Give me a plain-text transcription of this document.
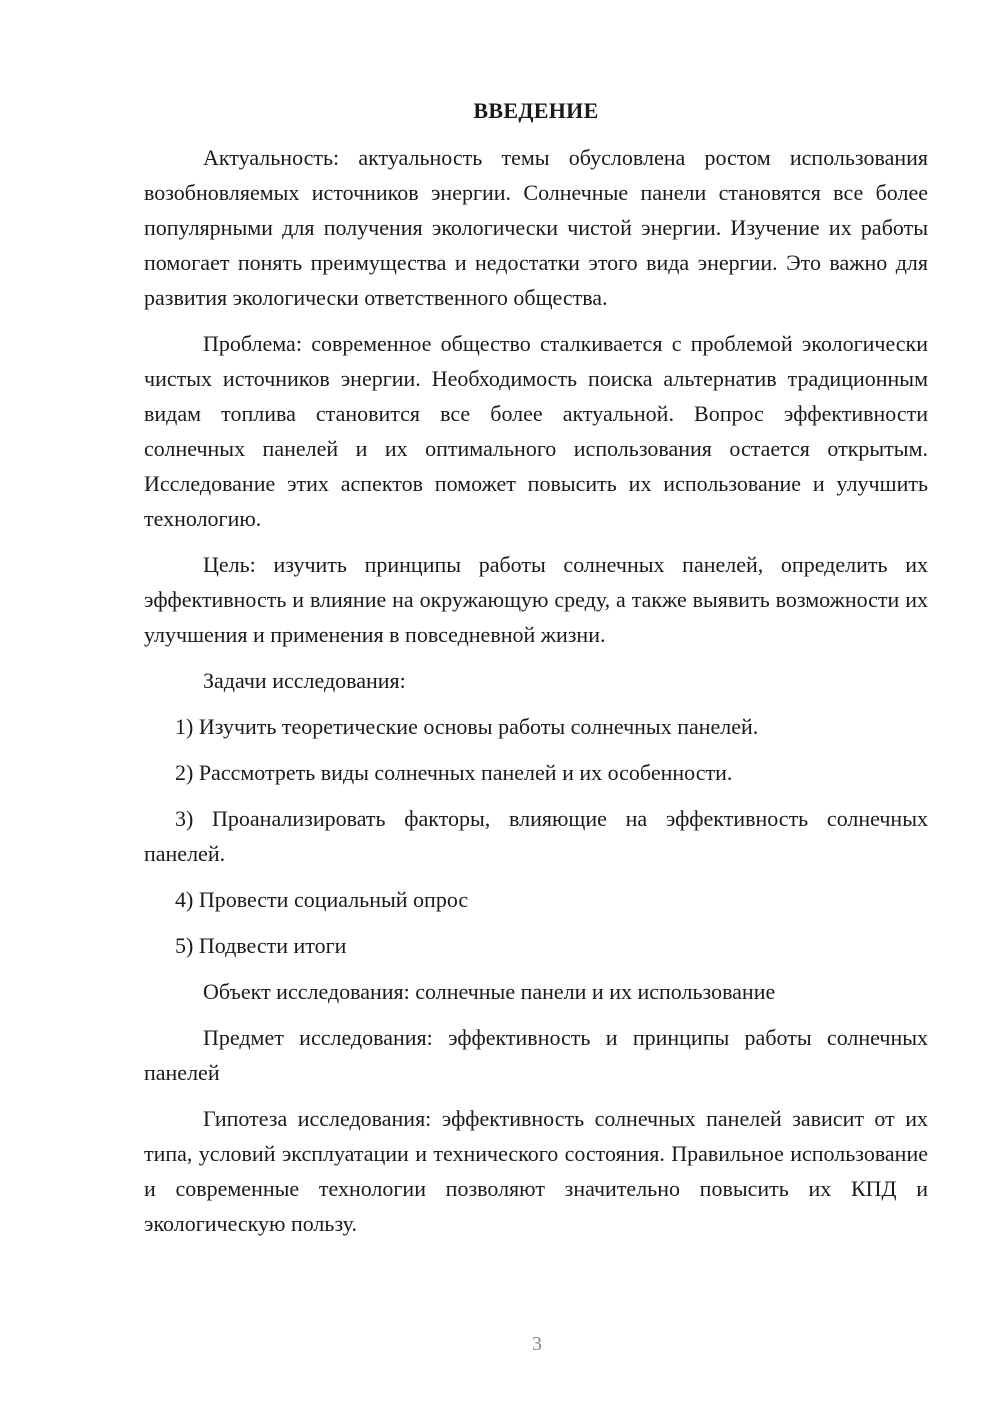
ВВЕДЕНИЕ

Актуальность: актуальность темы обусловлена ростом использования возобновляемых источников энергии. Солнечные панели становятся все более популярными для получения экологически чистой энергии. Изучение их работы помогает понять преимущества и недостатки этого вида энергии. Это важно для развития экологически ответственного общества.

Проблема: современное общество сталкивается с проблемой экологически чистых источников энергии. Необходимость поиска альтернатив традиционным видам топлива становится все более актуальной. Вопрос эффективности солнечных панелей и их оптимального использования остается открытым. Исследование этих аспектов поможет повысить их использование и улучшить технологию.

Цель: изучить принципы работы солнечных панелей, определить их эффективность и влияние на окружающую среду, а также выявить возможности их улучшения и применения в повседневной жизни.

Задачи исследования:

1) Изучить теоретические основы работы солнечных панелей.

2) Рассмотреть виды солнечных панелей и их особенности.

3) Проанализировать факторы, влияющие на эффективность солнечных панелей.

4) Провести социальный опрос

5) Подвести итоги

Объект исследования: солнечные панели и их использование

Предмет исследования: эффективность и принципы работы солнечных панелей

Гипотеза исследования: эффективность солнечных панелей зависит от их типа, условий эксплуатации и технического состояния. Правильное использование и современные технологии позволяют значительно повысить их КПД и экологическую пользу.

3
